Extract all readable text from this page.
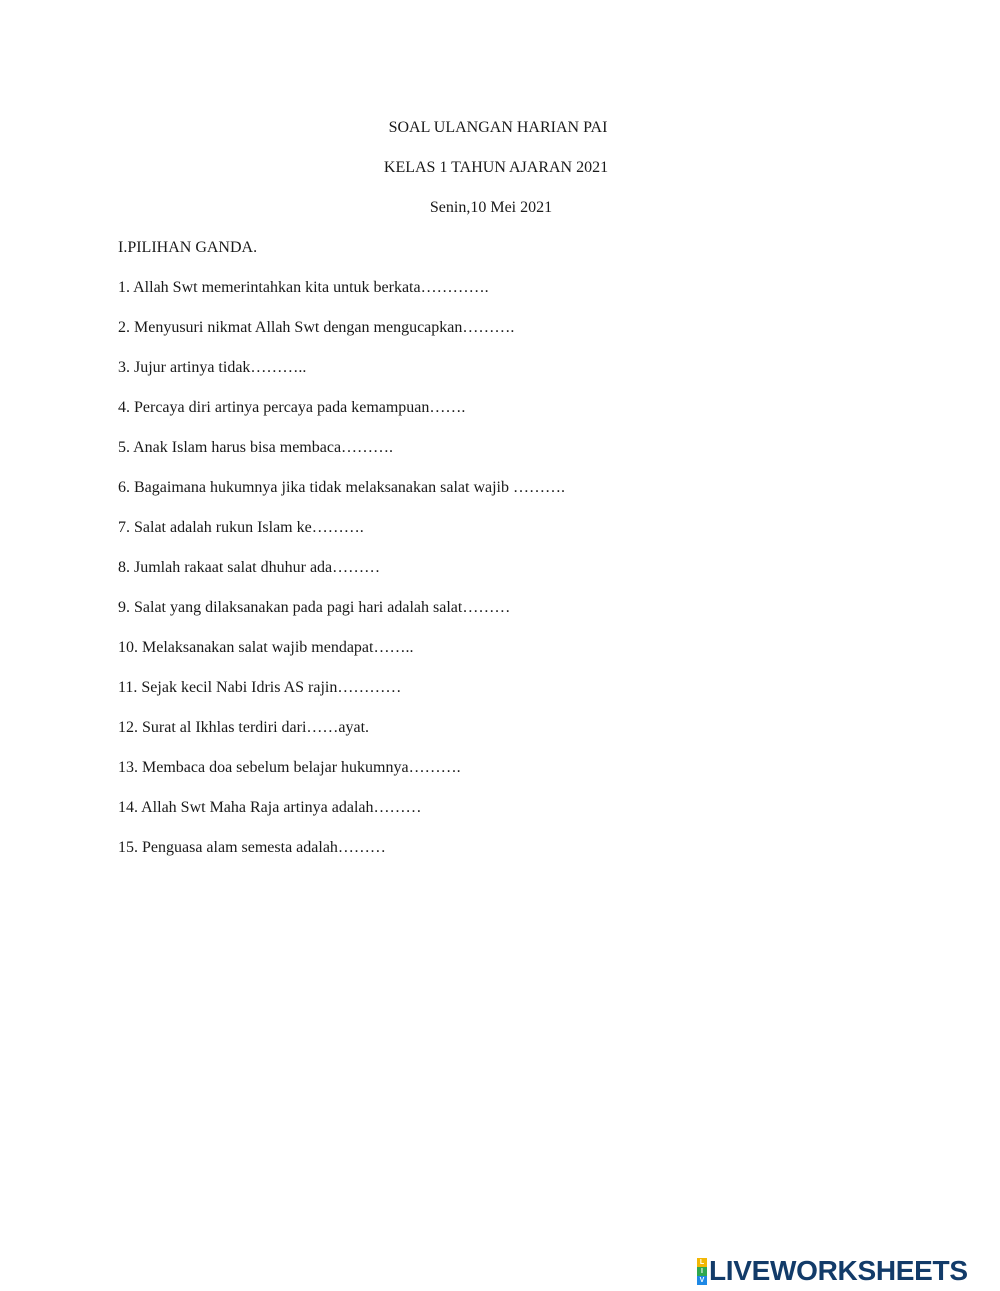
SOAL ULANGAN HARIAN PAI
KELAS 1 TAHUN AJARAN 2021
Senin,10 Mei 2021
I.PILIHAN GANDA.
1. Allah Swt memerintahkan kita untuk berkata………….
2. Menyusuri nikmat Allah Swt dengan mengucapkan……….
3. Jujur artinya tidak………..
4. Percaya diri artinya percaya pada kemampuan…….
5. Anak Islam harus bisa membaca……….
6. Bagaimana hukumnya jika tidak melaksanakan salat wajib ……….
7. Salat adalah rukun Islam ke……….
8. Jumlah rakaat salat dhuhur ada………
9. Salat yang dilaksanakan pada pagi hari adalah salat………
10. Melaksanakan salat wajib mendapat……..
11. Sejak kecil Nabi Idris AS rajin…………
12. Surat al Ikhlas terdiri dari……ayat.
13. Membaca doa sebelum belajar hukumnya……….
14. Allah Swt Maha Raja artinya adalah………
15. Penguasa alam semesta adalah………
L
I
V LIVEWORKSHEETS
